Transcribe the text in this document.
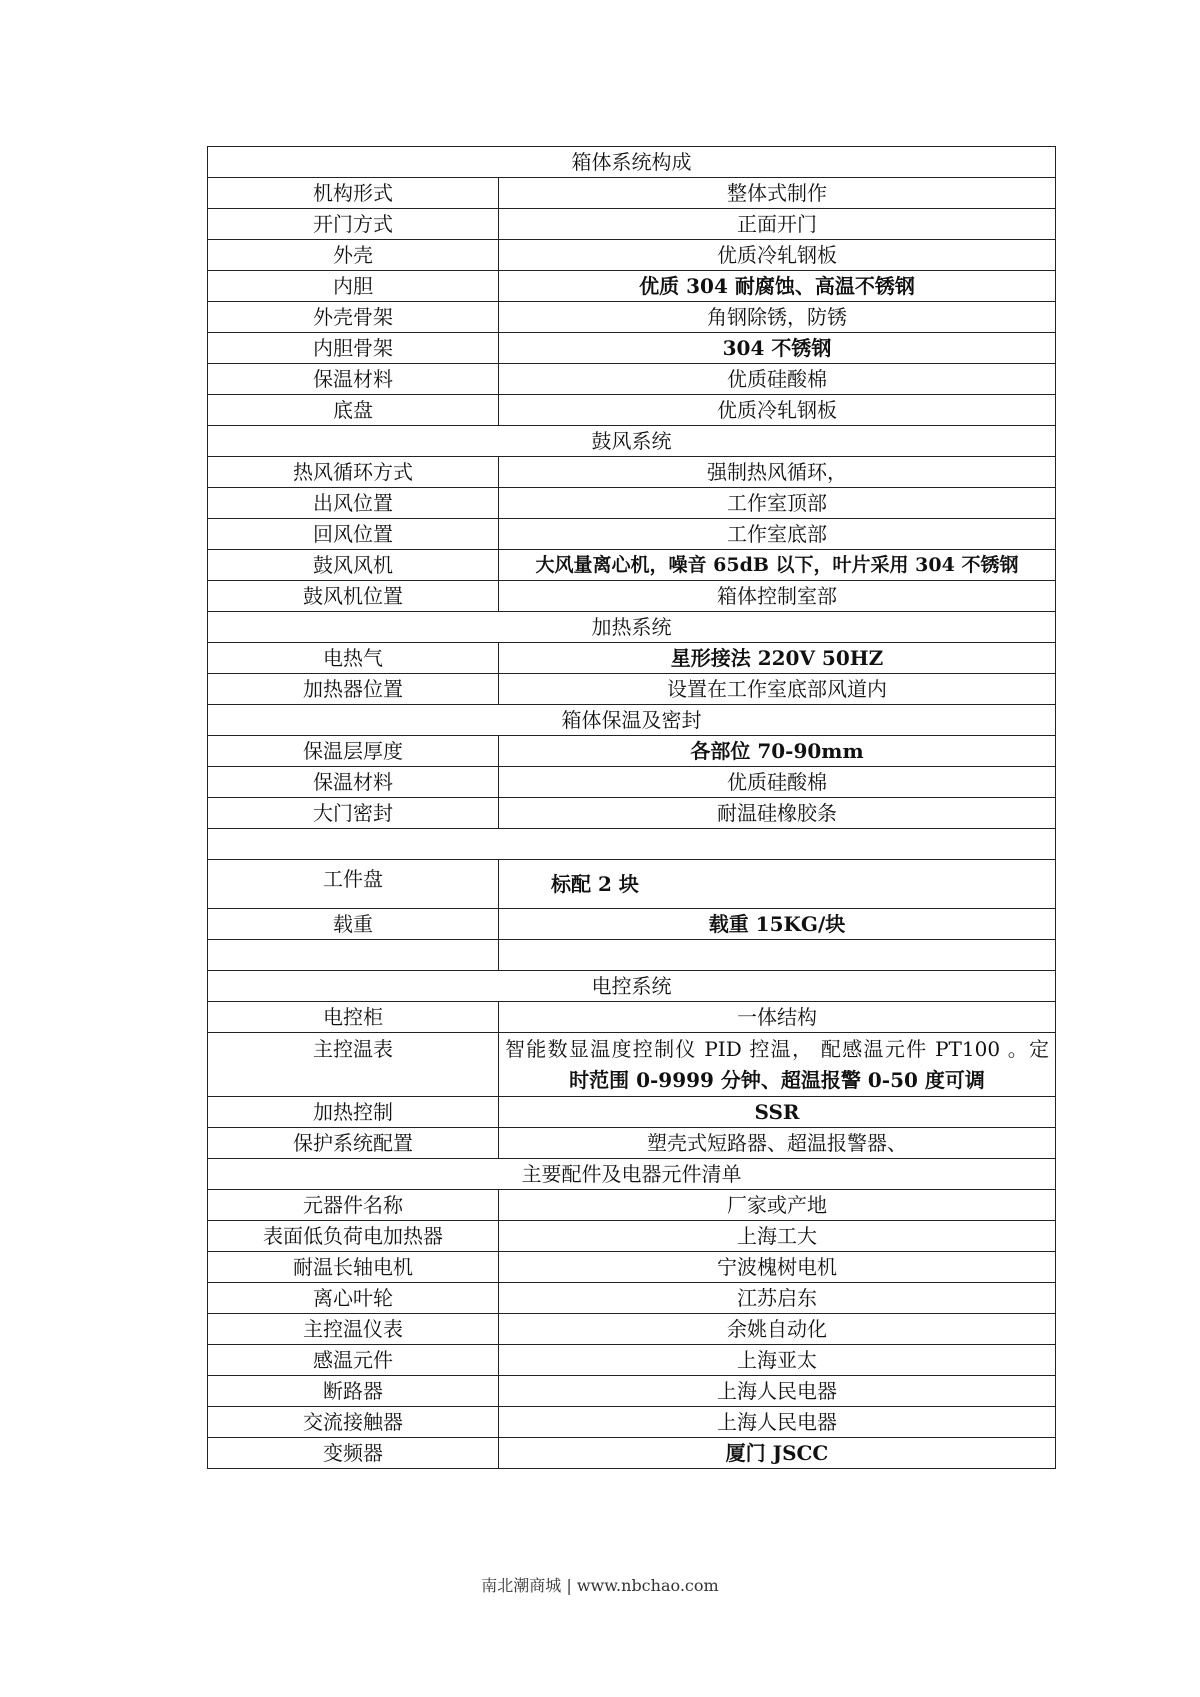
箱体系统构成	
机构形式	整体式制作
开门方式	正面开门
外壳	优质冷轧钢板
内胆	优质 304 耐腐蚀、高温不锈钢
外壳骨架	角钢除锈，防锈
内胆骨架	304 不锈钢
保温材料	优质硅酸棉
底盘	优质冷轧钢板
鼓风系统	
热风循环方式	强制热风循环，
出风位置	工作室顶部
回风位置	工作室底部
鼓风风机	大风量离心机，噪音 65dB 以下，叶片采用 304 不锈钢
鼓风机位置	箱体控制室部
加热系统	
电热气	星形接法 220V 50HZ
加热器位置	设置在工作室底部风道内
箱体保温及密封	
保温层厚度	各部位 70-90mm
保温材料	优质硅酸棉
大门密封	耐温硅橡胶条

工件盘	标配 2 块
载重	载重 15KG/块

电控系统	
电控柜	一体结构
主控温表	智能数显温度控制仪 PID 控温， 配感温元件 PT100 。定
时范围 0-9999 分钟、超温报警 0-50 度可调

加热控制	SSR
保护系统配置	塑壳式短路器、超温报警器、
主要配件及电器元件清单	
元器件名称	厂家或产地
表面低负荷电加热器	上海工大
耐温长轴电机	宁波槐树电机
离心叶轮	江苏启东
主控温仪表	余姚自动化
感温元件	上海亚太
断路器	上海人民电器
交流接触器	上海人民电器
变频器	厦门 JSCC
南北潮商城 | www.nbchao.com
